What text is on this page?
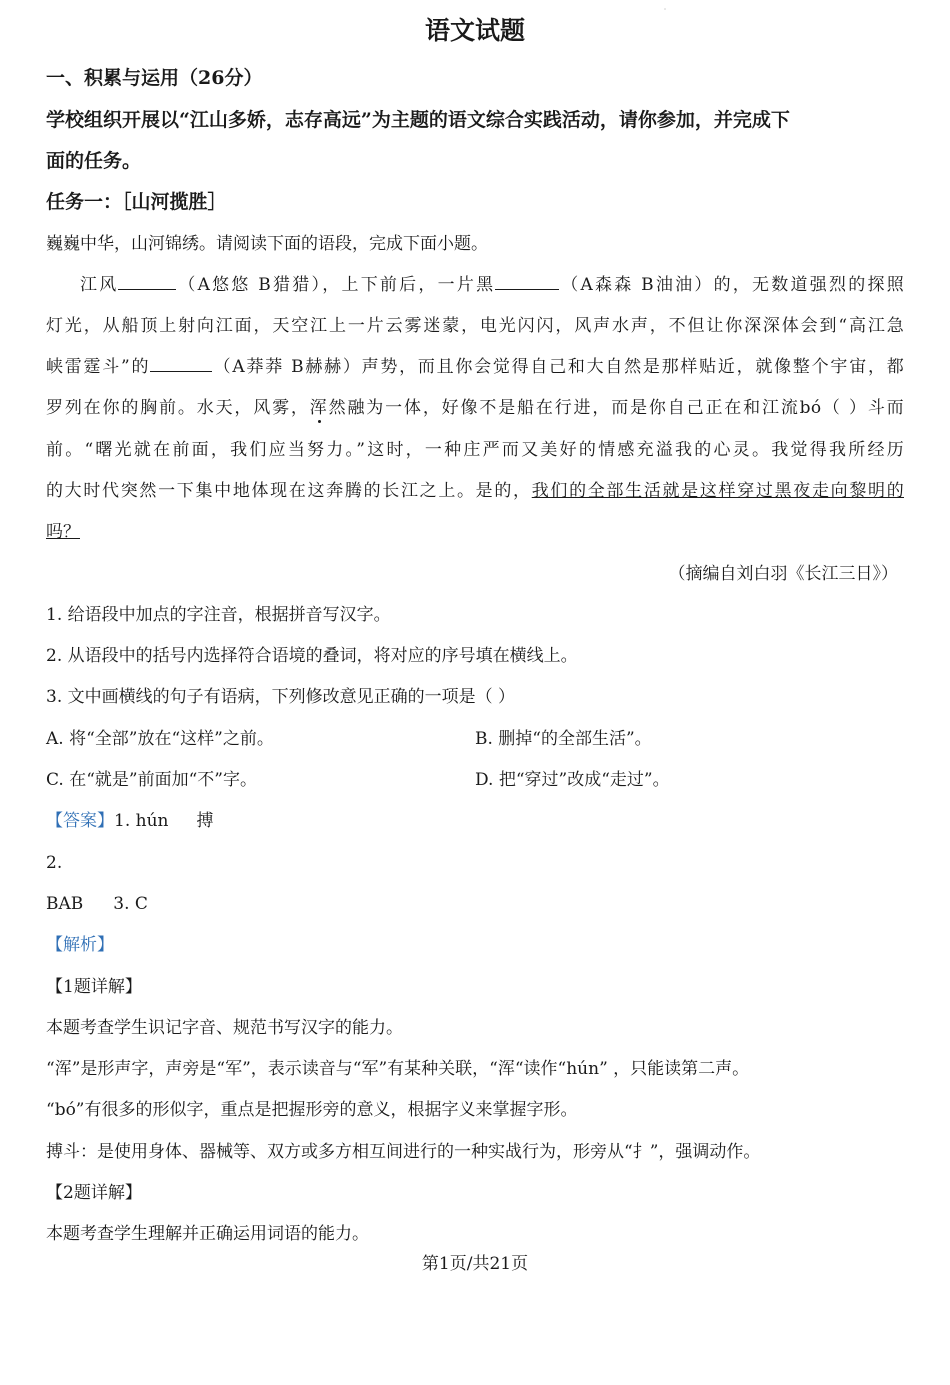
˙
语文试题
一、积累与运用（26分）
学校组织开展以“江山多娇，志存高远”为主题的语文综合实践活动，请你参加，并完成下
面的任务。
任务一：［山河揽胜］
巍巍中华，山河锦绣。请阅读下面的语段，完成下面小题。
江风	（A悠悠 B猎猎），上下前后，一片黑	（A森森 B油油）的，无数道强烈的探照
灯光，从船顶上射向江面，天空江上一片云雾迷蒙，电光闪闪，风声水声，不但让你深深体会到“高江急
峡雷霆斗”的	（A莽莽 B赫赫）声势，而且你会觉得自己和大自然是那样贴近，就像整个宇宙，都
罗列在你的胸前。水天，风雾，浑然融为一体，好像不是船在行进，而是你自己正在和江流bó（ ）斗而
前。“曙光就在前面，我们应当努力。”这时，一种庄严而又美好的情感充溢我的心灵。我觉得我所经历
的大时代突然一下集中地体现在这奔腾的长江之上。是的，我们的全部生活就是这样穿过黑夜走向黎明的
吗？
（摘编自刘白羽《长江三日》）
1. 给语段中加点的字注音，根据拼音写汉字。
2. 从语段中的括号内选择符合语境的叠词，将对应的序号填在横线上。
3. 文中画横线的句子有语病，下列修改意见正确的一项是（ ）
A. 将“全部”放在“这样”之前。	B. 删掉“的全部生活”。
C. 在“就是”前面加“不”字。	D. 把“穿过”改成“走过”。
【答案】1. hún 搏
2.
BAB 3. C
【解析】
【1题详解】
本题考查学生识记字音、规范书写汉字的能力。
“浑”是形声字，声旁是“军”，表示读音与“军”有某种关联，“浑“读作“hún” ，只能读第二声。
“bó”有很多的形似字，重点是把握形旁的意义，根据字义来掌握字形。
搏斗：是使用身体、器械等、双方或多方相互间进行的一种实战行为，形旁从“扌”，强调动作。
【2题详解】
本题考查学生理解并正确运用词语的能力。
第1页/共21页
